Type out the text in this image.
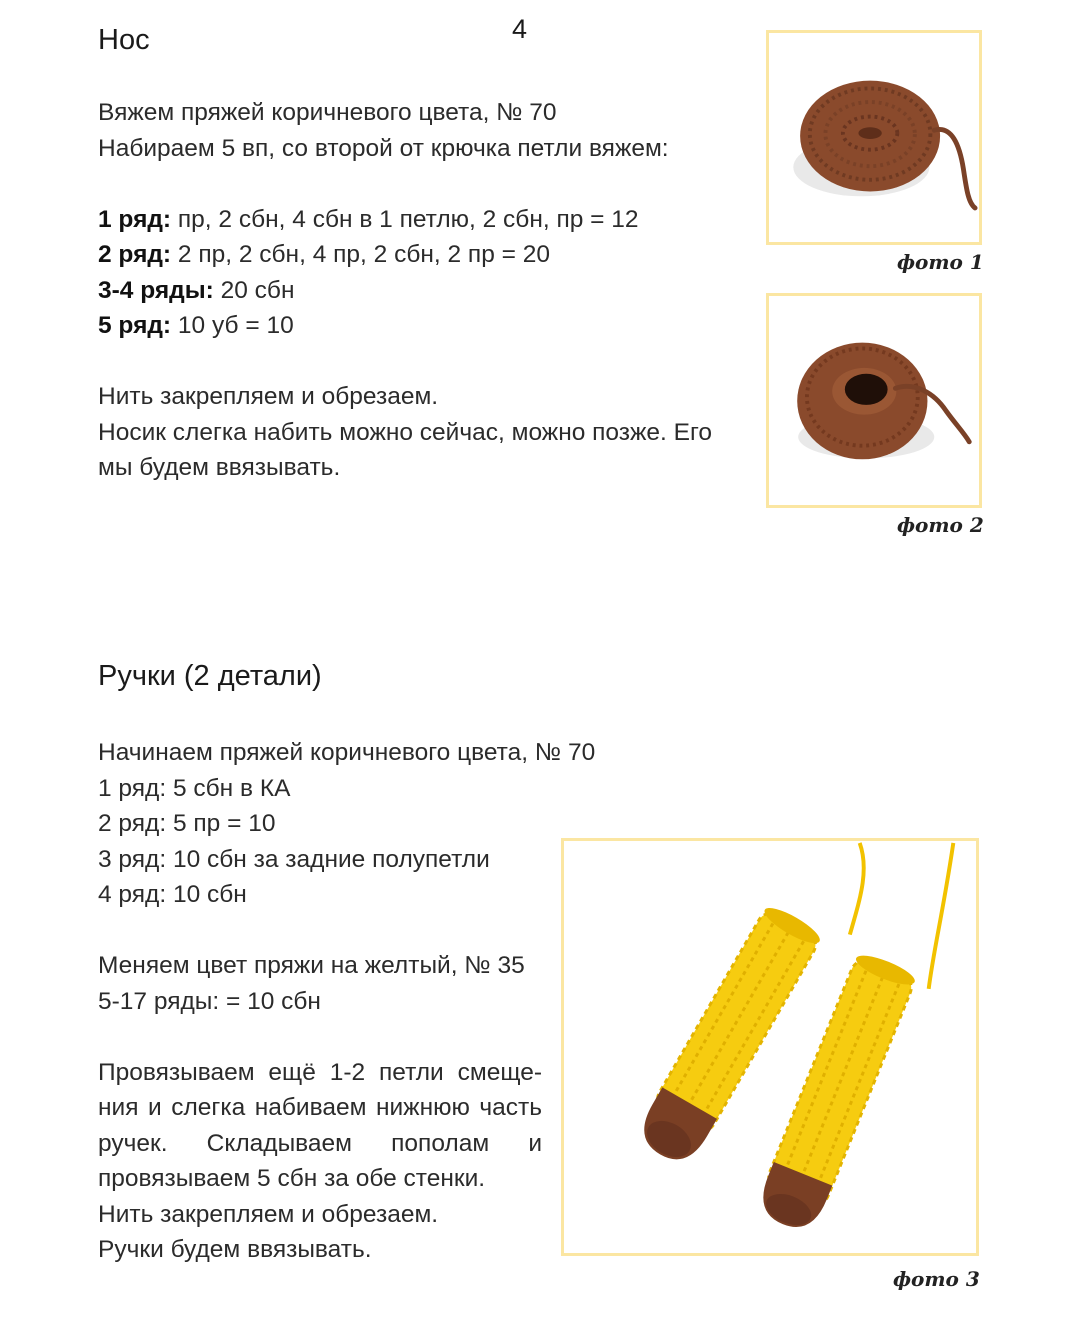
4
Нос

Вяжем пряжей коричневого цвета, № 70

Набираем 5 вп, со второй от крючка петли вяжем:

1 ряд: пр, 2 сбн, 4 сбн в 1 петлю, 2 сбн, пр = 12

2 ряд: 2 пр, 2 сбн, 4 пр, 2 сбн, 2 пр = 20

3-4 ряды: 20 сбн

5 ряд: 10 уб = 10

Нить закрепляем и обрезаем.

Носик слегка набить можно сейчас, можно позже. Его

мы будем ввязывать.

фото 1
фото 2
Ручки (2 детали)

Начинаем пряжей коричневого цвета, № 70

1 ряд: 5 сбн в КА

2 ряд: 5 пр = 10

3 ряд: 10 сбн за задние полупетли

4 ряд: 10 сбн

Меняем цвет пряжи на желтый, № 35

5-17 ряды: = 10 сбн

Провязываем ещё 1-2 петли смеще-ния и слегка набиваем нижнюю часть ручек. Складываем пополам и провязываем 5 сбн за обе стенки.

Нить закрепляем и обрезаем.

Ручки будем ввязывать.

фото 3
